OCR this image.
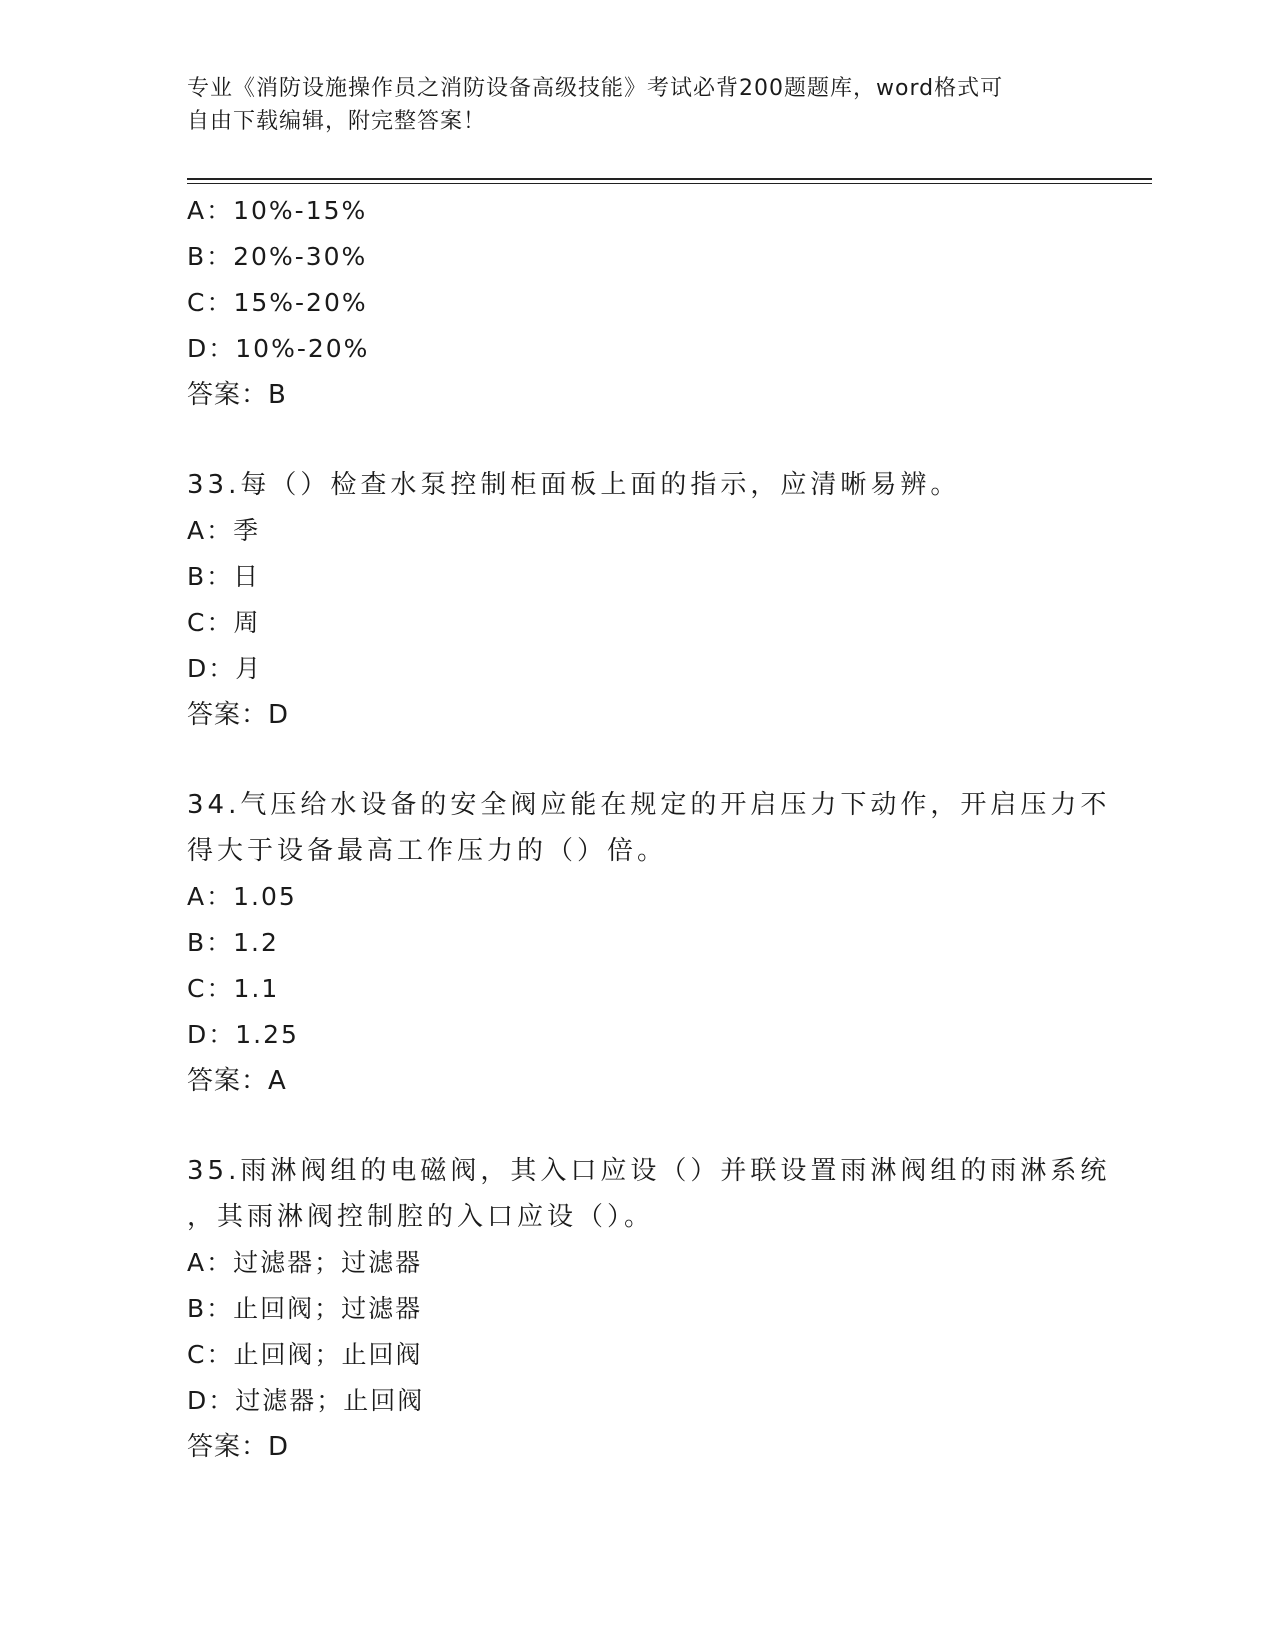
专业《消防设施操作员之消防设备高级技能》考试必背200题题库，word格式可
自由下载编辑，附完整答案！
A：10%-15%
B：20%-30%
C：15%-20%
D：10%-20%
答案：B
33.每（）检查水泵控制柜面板上面的指示，应清晰易辨。
A：季
B：日
C：周
D：月
答案：D
34.气压给水设备的安全阀应能在规定的开启压力下动作，开启压力不
得大于设备最高工作压力的（）倍。
A：1.05
B：1.2
C：1.1
D：1.25
答案：A
35.雨淋阀组的电磁阀，其入口应设（）并联设置雨淋阀组的雨淋系统
，其雨淋阀控制腔的入口应设（）。
A：过滤器；过滤器
B：止回阀；过滤器
C：止回阀；止回阀
D：过滤器；止回阀
答案：D
